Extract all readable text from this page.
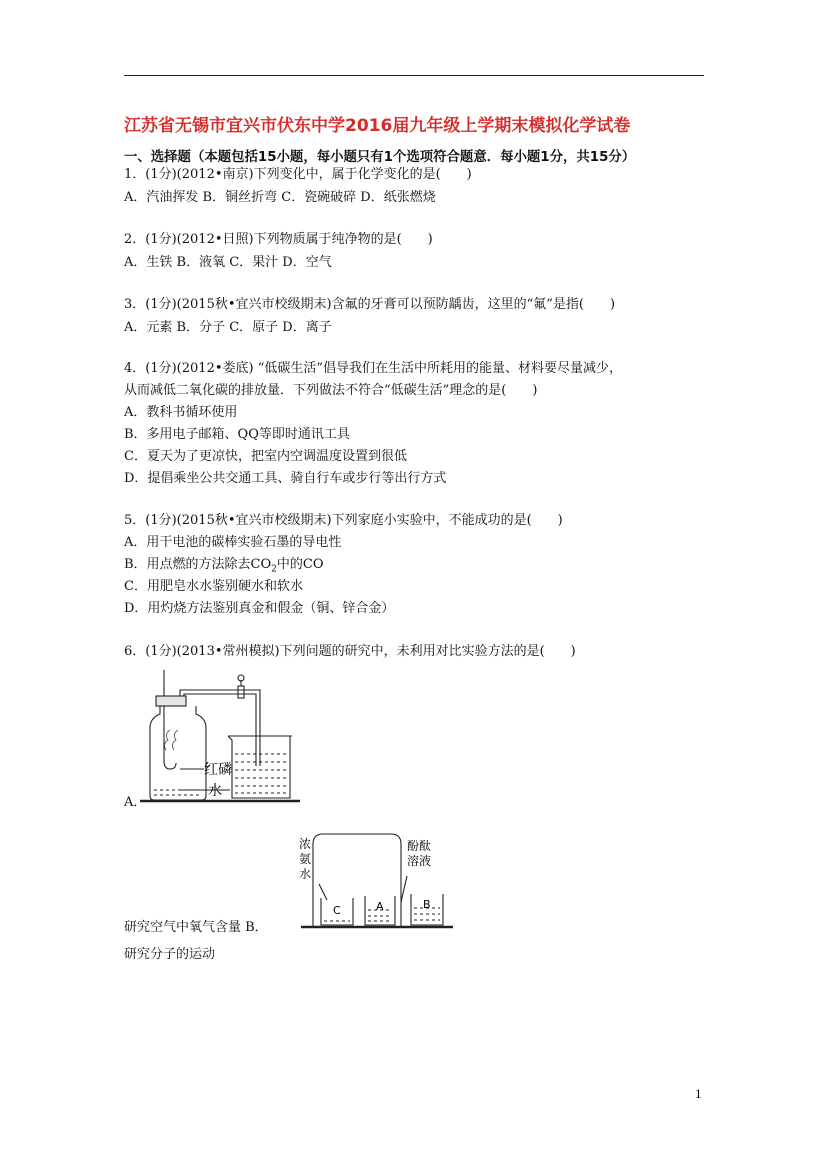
江苏省无锡市宜兴市伏东中学2016届九年级上学期末模拟化学试卷
一、选择题（本题包括15小题，每小题只有1个选项符合题意．每小题1分，共15分）
1．(1分)(2012•南京)下列变化中，属于化学变化的是(　　)
A．汽油挥发 B．铜丝折弯 C．瓷碗破碎 D．纸张燃烧
2．(1分)(2012•日照)下列物质属于纯净物的是(　　)
A．生铁 B．液氧 C．果汁 D．空气
3．(1分)(2015秋•宜兴市校级期末)含氟的牙膏可以预防龋齿，这里的“氟”是指(　　)
A．元素 B．分子 C．原子 D．离子
4．(1分)(2012•娄底) “低碳生活”倡导我们在生活中所耗用的能量、材料要尽量减少，
从而减低二氧化碳的排放量．下列做法不符合“低碳生活”理念的是(　　)
A．教科书循环使用
B．多用电子邮箱、QQ等即时通讯工具
C．夏天为了更凉快，把室内空调温度设置到很低
D．提倡乘坐公共交通工具、骑自行车或步行等出行方式
5．(1分)(2015秋•宜兴市校级期末)下列家庭小实验中，不能成功的是(　　)
A．用干电池的碳棒实验石墨的导电性
B．用点燃的方法除去$CO_2$中的CO
C．用肥皂水水鉴别硬水和软水
D．用灼烧方法鉴别真金和假金（铜、锌合金）
6．(1分)(2013•常州模拟)下列问题的研究中，未利用对比实验方法的是(　　)
红磷
水
A．
浓
氨
水
酚酞
溶液
C	A	B
研究空气中氧气含量 B．
研究分子的运动
1
